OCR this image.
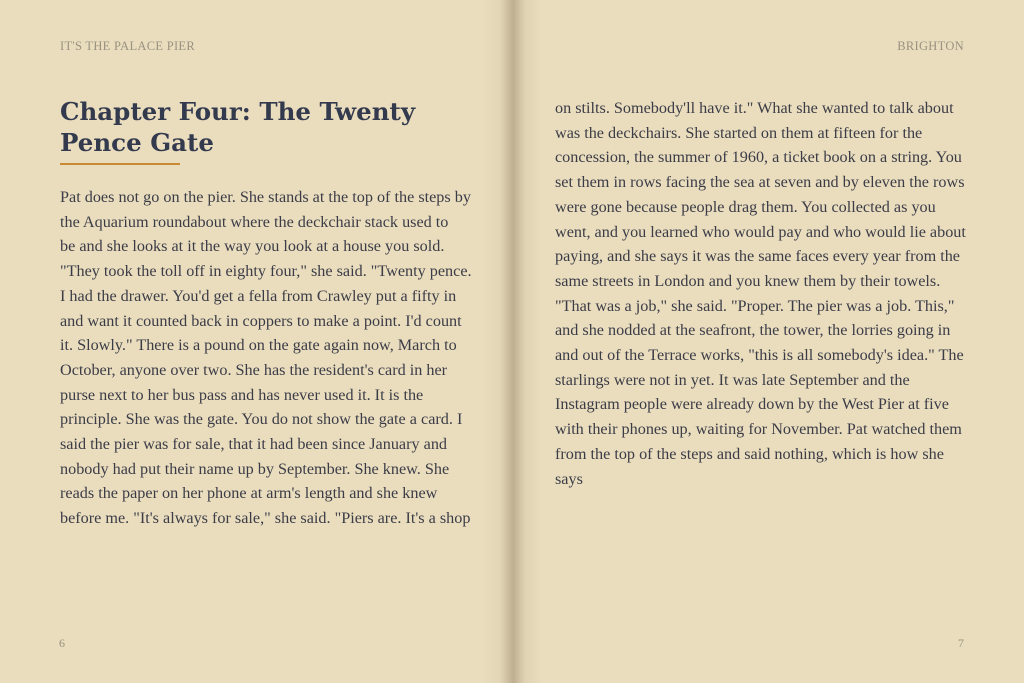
IT'S THE PALACE PIER
Chapter Four: The Twenty Pence Gate

Pat does not go on the pier. She stands at the top of the steps by
the Aquarium roundabout where the deckchair stack used to
be and she looks at it the way you look at a house you sold.
"They took the toll off in eighty four," she said. "Twenty pence.
I had the drawer. You'd get a fella from Crawley put a fifty in
and want it counted back in coppers to make a point. I'd count
it. Slowly." There is a pound on the gate again now, March to
October, anyone over two. She has the resident's card in her
purse next to her bus pass and has never used it. It is the
principle. She was the gate. You do not show the gate a card. I
said the pier was for sale, that it had been since January and
nobody had put their name up by September. She knew. She
reads the paper on her phone at arm's length and she knew
before me. "It's always for sale," she said. "Piers are. It's a shop

6
BRIGHTON

on stilts. Somebody'll have it." What she wanted to talk about
was the deckchairs. She started on them at fifteen for the
concession, the summer of 1960, a ticket book on a string. You
set them in rows facing the sea at seven and by eleven the rows
were gone because people drag them. You collected as you
went, and you learned who would pay and who would lie about
paying, and she says it was the same faces every year from the
same streets in London and you knew them by their towels.
"That was a job," she said. "Proper. The pier was a job. This,"
and she nodded at the seafront, the tower, the lorries going in
and out of the Terrace works, "this is all somebody's idea." The
starlings were not in yet. It was late September and the
Instagram people were already down by the West Pier at five
with their phones up, waiting for November. Pat watched them
from the top of the steps and said nothing, which is how she
says

7
